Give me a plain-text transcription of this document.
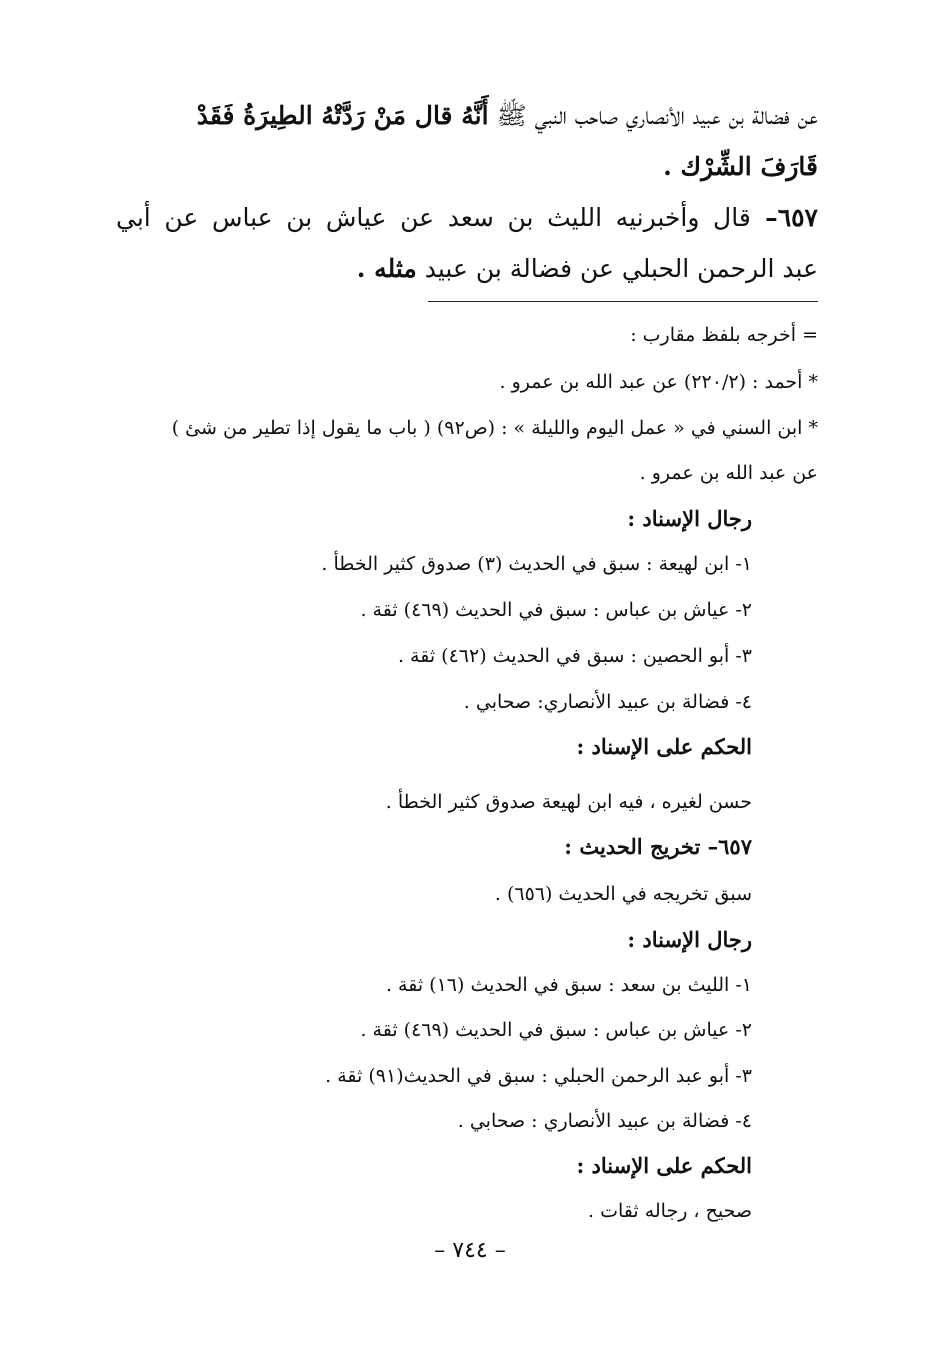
عن فضالة بن عبيد الأنصاري صاحب النبي ﷺ أَنَّهُ قال مَنْ رَدَّتْهُ الطِيرَةُ فَقَدْ
قَارَفَ الشِّرْك .
٦٥٧– قال وأخبرنيه الليث بن سعد عن عياش بن عباس عن أبي
عبد الرحمن الحبلي عن فضالة بن عبيد مثله .
= أخرجه بلفظ مقارب :
* أحمد : (٢٢٠/٢) عن عبد الله بن عمرو .
* ابن السني في « عمل اليوم والليلة » : (ص٩٢) ( باب ما يقول إذا تطير من شئ )
عن عبد الله بن عمرو .
رجال الإسناد :
١- ابن لهيعة : سبق في الحديث (٣) صدوق كثير الخطأ .
٢- عياش بن عباس : سبق في الحديث (٤٦٩) ثقة .
٣- أبو الحصين : سبق في الحديث (٤٦٢) ثقة .
٤- فضالة بن عبيد الأنصاري: صحابي .
الحكم على الإسناد :
حسن لغيره ، فيه ابن لهيعة صدوق كثير الخطأ .
٦٥٧– تخريج الحديث :
سبق تخريجه في الحديث (٦٥٦) .
رجال الإسناد :
١- الليث بن سعد : سبق في الحديث (١٦) ثقة .
٢- عياش بن عباس : سبق في الحديث (٤٦٩) ثقة .
٣- أبو عبد الرحمن الحبلي : سبق في الحديث(٩١) ثقة .
٤- فضالة بن عبيد الأنصاري : صحابي .
الحكم على الإسناد :
صحيح ، رجاله ثقات .
– ٧٤٤ –
